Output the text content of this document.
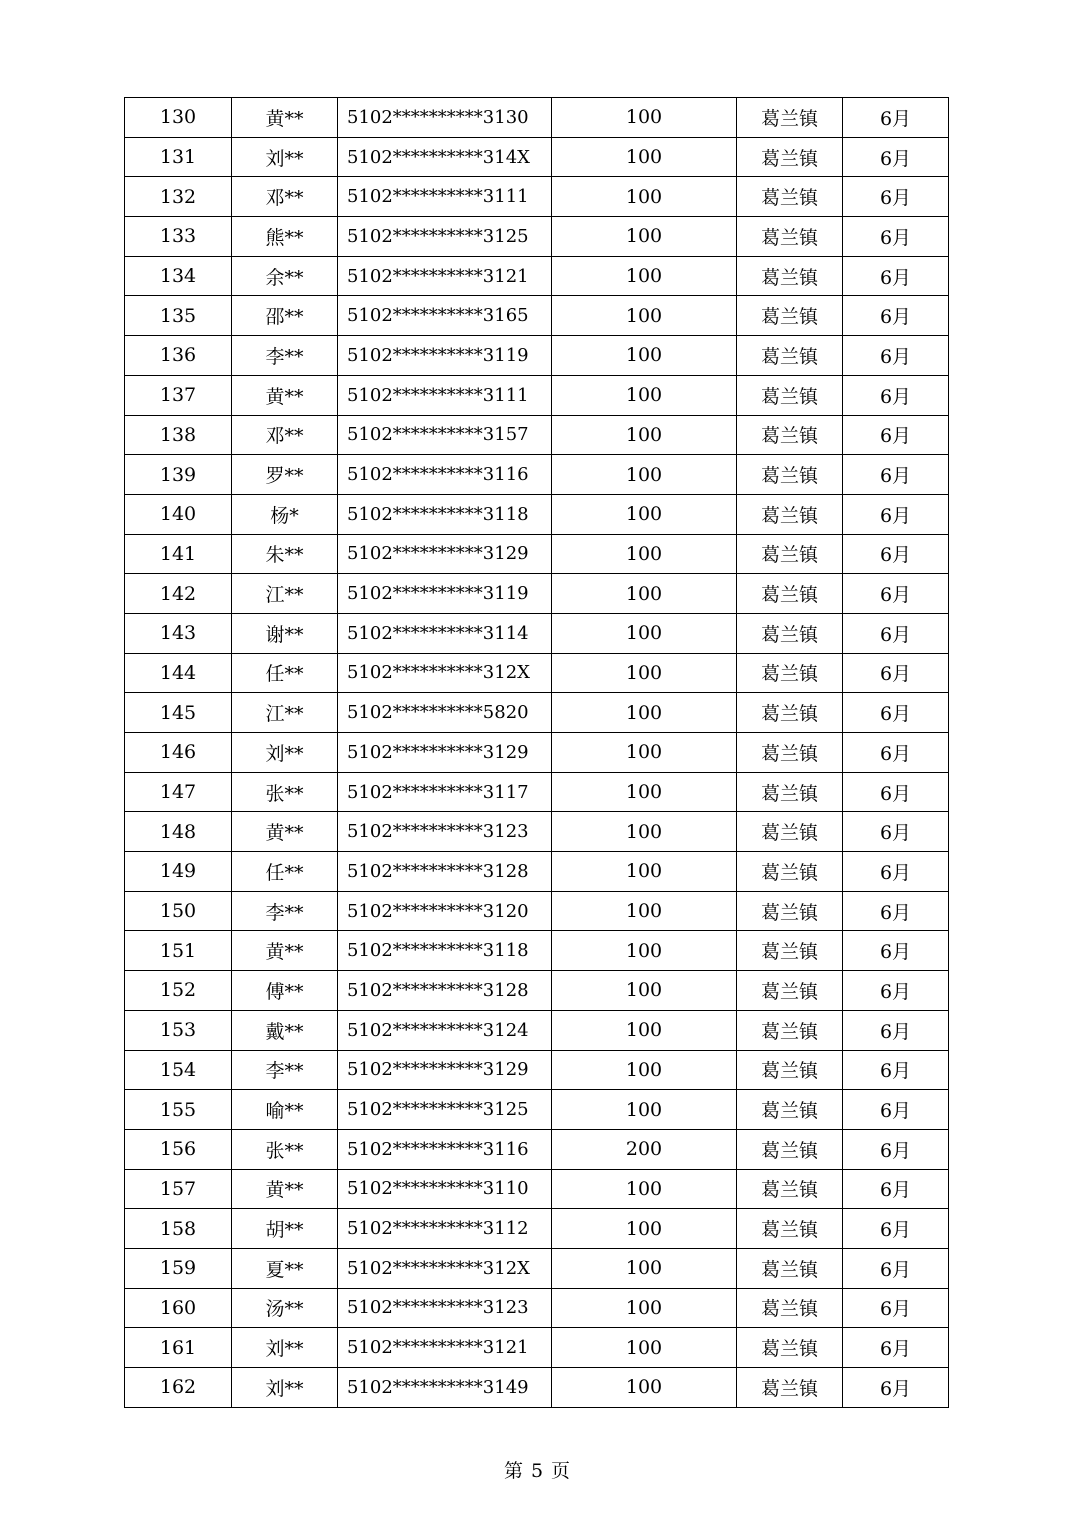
130	黄**	5102**********3130	100	葛兰镇	6月
131	刘**	5102**********314X	100	葛兰镇	6月
132	邓**	5102**********3111	100	葛兰镇	6月
133	熊**	5102**********3125	100	葛兰镇	6月
134	余**	5102**********3121	100	葛兰镇	6月
135	邵**	5102**********3165	100	葛兰镇	6月
136	李**	5102**********3119	100	葛兰镇	6月
137	黄**	5102**********3111	100	葛兰镇	6月
138	邓**	5102**********3157	100	葛兰镇	6月
139	罗**	5102**********3116	100	葛兰镇	6月
140	杨*	5102**********3118	100	葛兰镇	6月
141	朱**	5102**********3129	100	葛兰镇	6月
142	江**	5102**********3119	100	葛兰镇	6月
143	谢**	5102**********3114	100	葛兰镇	6月
144	任**	5102**********312X	100	葛兰镇	6月
145	江**	5102**********5820	100	葛兰镇	6月
146	刘**	5102**********3129	100	葛兰镇	6月
147	张**	5102**********3117	100	葛兰镇	6月
148	黄**	5102**********3123	100	葛兰镇	6月
149	任**	5102**********3128	100	葛兰镇	6月
150	李**	5102**********3120	100	葛兰镇	6月
151	黄**	5102**********3118	100	葛兰镇	6月
152	傅**	5102**********3128	100	葛兰镇	6月
153	戴**	5102**********3124	100	葛兰镇	6月
154	李**	5102**********3129	100	葛兰镇	6月
155	喻**	5102**********3125	100	葛兰镇	6月
156	张**	5102**********3116	200	葛兰镇	6月
157	黄**	5102**********3110	100	葛兰镇	6月
158	胡**	5102**********3112	100	葛兰镇	6月
159	夏**	5102**********312X	100	葛兰镇	6月
160	汤**	5102**********3123	100	葛兰镇	6月
161	刘**	5102**********3121	100	葛兰镇	6月
162	刘**	5102**********3149	100	葛兰镇	6月
第 5 页
